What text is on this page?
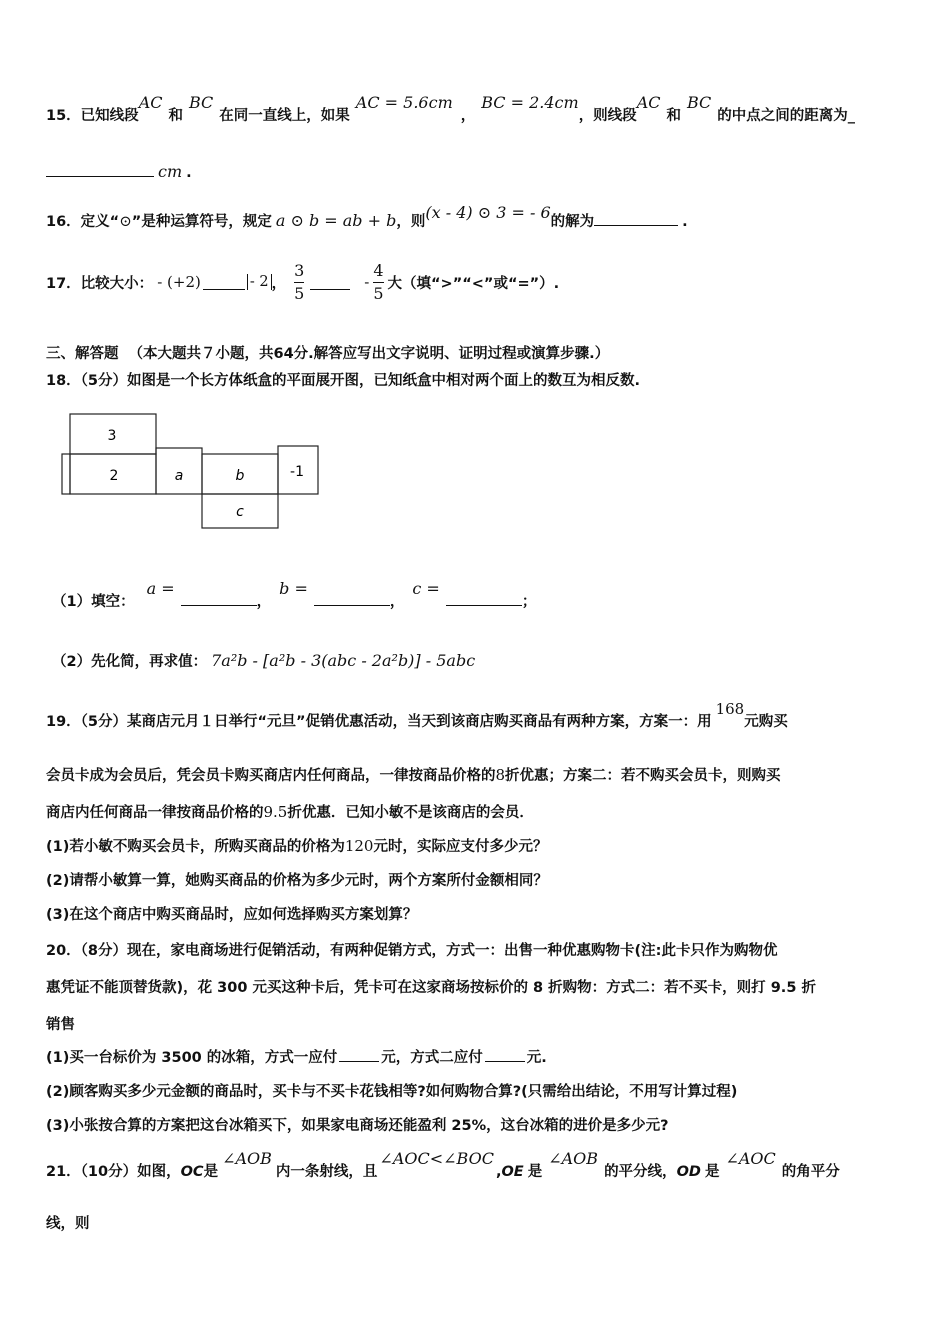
15．已知线段AC和BC在同一直线上，如果AC = 5.6cm，BC = 2.4cm，则线段AC和BC的中点之间的距离为_
cm .
16．定义“⊙”是种运算符号，规定 a ⊙ b = ab + b，则(x - 4) ⊙ 3 = - 6的解为	.
17．比较大小： - (+2)	- 2 ， $\frac{3}{5}$	- $\frac{4}{5}$ 大（填“>”“<”或“=”）.
三、解答题 （本大题共７小题，共64分.解答应写出文字说明、证明过程或演算步骤.）
18．（5分）如图是一个长方体纸盒的平面展开图，已知纸盒中相对两个面上的数互为相反数.
3
2	a	b	-1
c
（1）填空：a =，b =，c =；
（2）先化简，再求值： 7a²b - [a²b - 3(abc - 2a²b)] - 5abc
19．（5分）某商店元月１日举行“元旦”促销优惠活动，当天到该商店购买商品有两种方案，方案一：用168元购买
会员卡成为会员后，凭会员卡购买商店内任何商品，一律按商品价格的8折优惠；方案二：若不购买会员卡，则购买
商店内任何商品一律按商品价格的9.5折优惠．已知小敏不是该商店的会员．
(1)若小敏不购买会员卡，所购买商品的价格为120元时，实际应支付多少元？
(2)请帮小敏算一算，她购买商品的价格为多少元时，两个方案所付金额相同？
(3)在这个商店中购买商品时，应如何选择购买方案划算？
20．（8分）现在，家电商场进行促销活动，有两种促销方式，方式一：出售一种优惠购物卡(注:此卡只作为购物优
惠凭证不能顶替货款)，花 300 元买这种卡后，凭卡可在这家商场按标价的 8 折购物：方式二：若不买卡，则打 9.5 折
销售
(1)买一台标价为 3500 的冰箱，方式一应付	元，方式二应付	元.
(2)顾客购买多少元金额的商品时，买卡与不买卡花钱相等?如何购物合算?(只需给出结论，不用写计算过程)
(3)小张按合算的方案把这台冰箱买下，如果家电商场还能盈利 25%，这台冰箱的进价是多少元?
21．（10分）如图，OC是∠AOB内一条射线，且∠AOC<∠BOC,OE 是∠AOB的平分线，OD 是∠AOC的角平分
线，则
